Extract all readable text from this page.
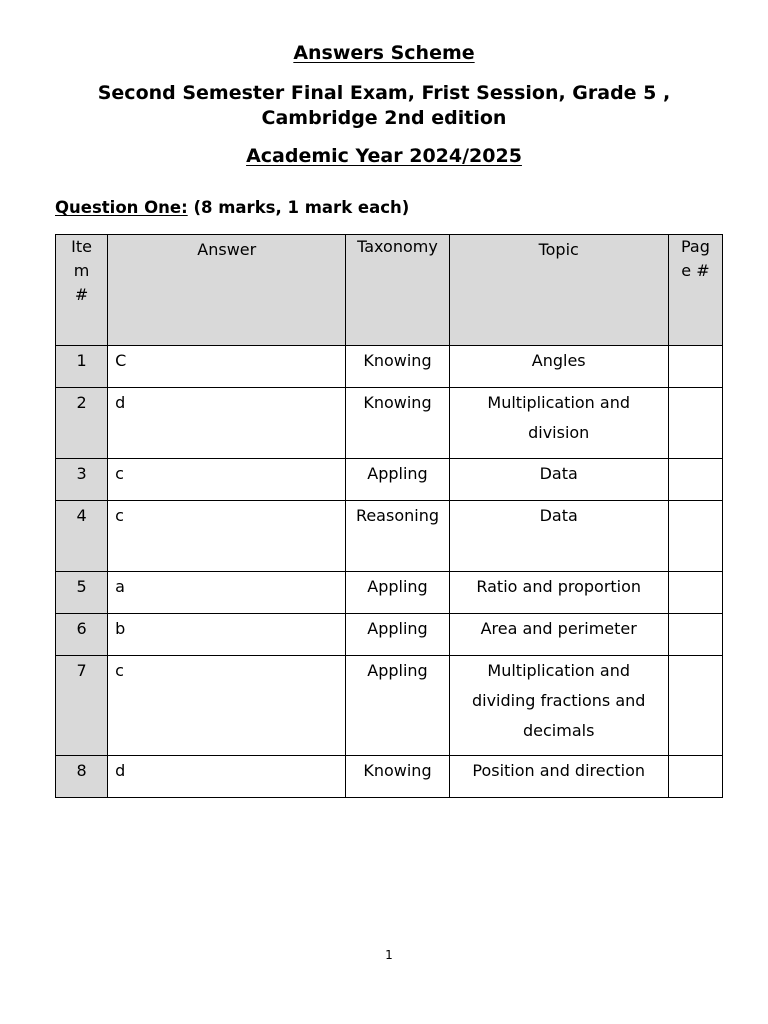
Answers Scheme

Second Semester Final Exam, Frist Session, Grade 5 , Cambridge 2nd edition

Academic Year 2024/2025

Question One: (8 marks, 1 mark each)

Item #	Answer	Taxonomy	Topic	Page #

1	C	Knowing	Angles	
2	d	Knowing	Multiplication and division	
3	c	Appling	Data	
4	c	Reasoning	Data	
5	a	Appling	Ratio and proportion	
6	b	Appling	Area and perimeter	
7	c	Appling	Multiplication and dividing fractions and decimals	
8	d	Knowing	Position and direction	

1
